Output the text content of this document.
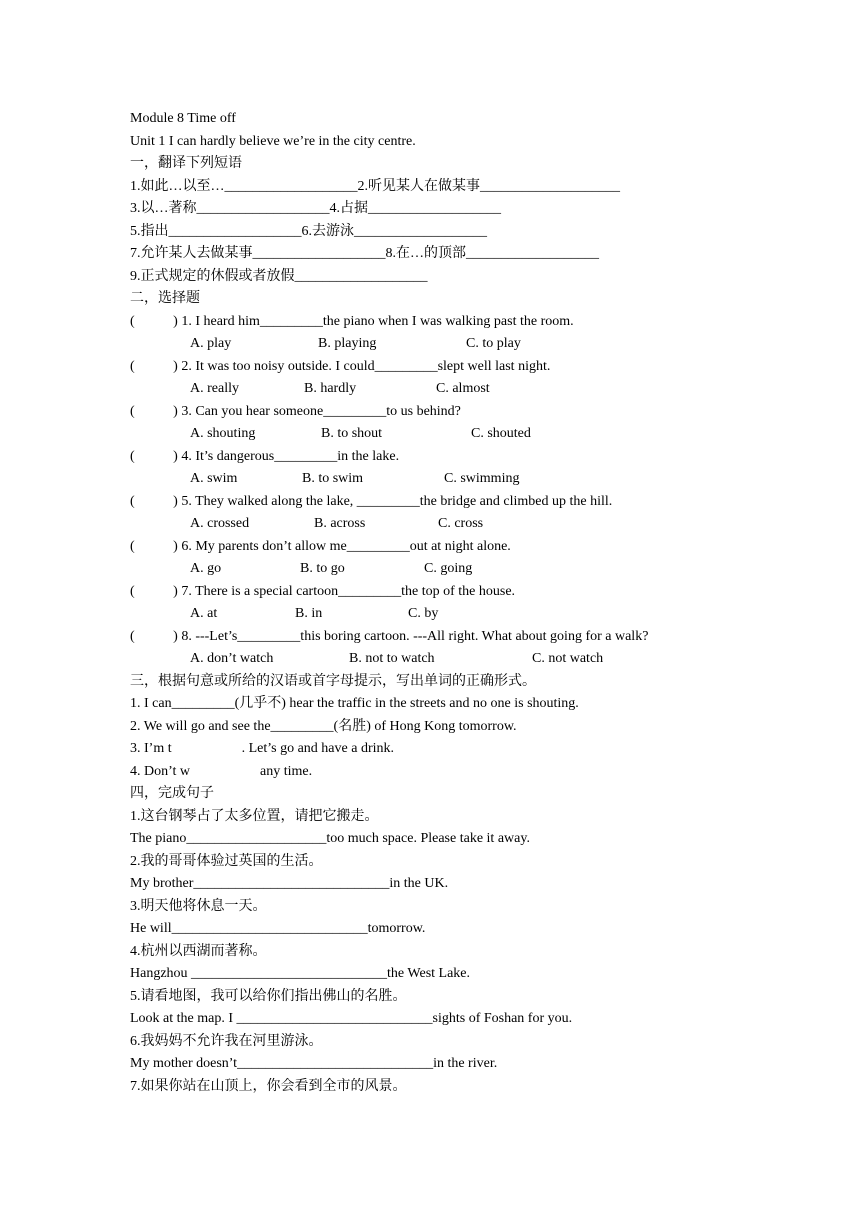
Module 8 Time off
Unit 1 I can hardly believe we’re in the city centre.
一，翻译下列短语
1.如此…以至…___________________2.听见某人在做某事____________________
3.以…著称___________________4.占据___________________
5.指出___________________6.去游泳___________________
7.允许某人去做某事___________________8.在…的顶部___________________
9.正式规定的休假或者放假___________________
二，选择题
(           ) 1. I heard him_________the piano when I was walking past the room.
A. play	B. playing	C. to play
(           ) 2. It was too noisy outside. I could_________slept well last night.
A. really	B. hardly	C. almost
(           ) 3. Can you hear someone_________to us behind?
A. shouting	B. to shout	C. shouted
(           ) 4. It’s dangerous_________in the lake.
A. swim	B. to swim	C. swimming
(           ) 5. They walked along the lake, _________the bridge and climbed up the hill.
A. crossed	B. across	C. cross
(           ) 6. My parents don’t allow me_________out at night alone.
A. go	B. to go	C. going
(           ) 7. There is a special cartoon_________the top of the house.
A. at	B. in	C. by
(           ) 8. ---Let’s_________this boring cartoon. ---All right. What about going for a walk?
A. don’t watch	B. not to watch	C. not watch
三，根据句意或所给的汉语或首字母提示，写出单词的正确形式。
1. I can_________(几乎不) hear the traffic in the streets and no one is shouting.
2. We will go and see the_________(名胜) of Hong Kong tomorrow.
3. I’m t                    . Let’s go and have a drink.
4. Don’t w                    any time.
四，完成句子
1.这台钢琴占了太多位置，请把它搬走。
The piano____________________too much space. Please take it away.
2.我的哥哥体验过英国的生活。
My brother____________________________in the UK.
3.明天他将休息一天。
He will____________________________tomorrow.
4.杭州以西湖而著称。
Hangzhou ____________________________the West Lake.
5.请看地图，我可以给你们指出佛山的名胜。
Look at the map. I ____________________________sights of Foshan for you.
6.我妈妈不允许我在河里游泳。
My mother doesn’t____________________________in the river.
7.如果你站在山顶上，你会看到全市的风景。
